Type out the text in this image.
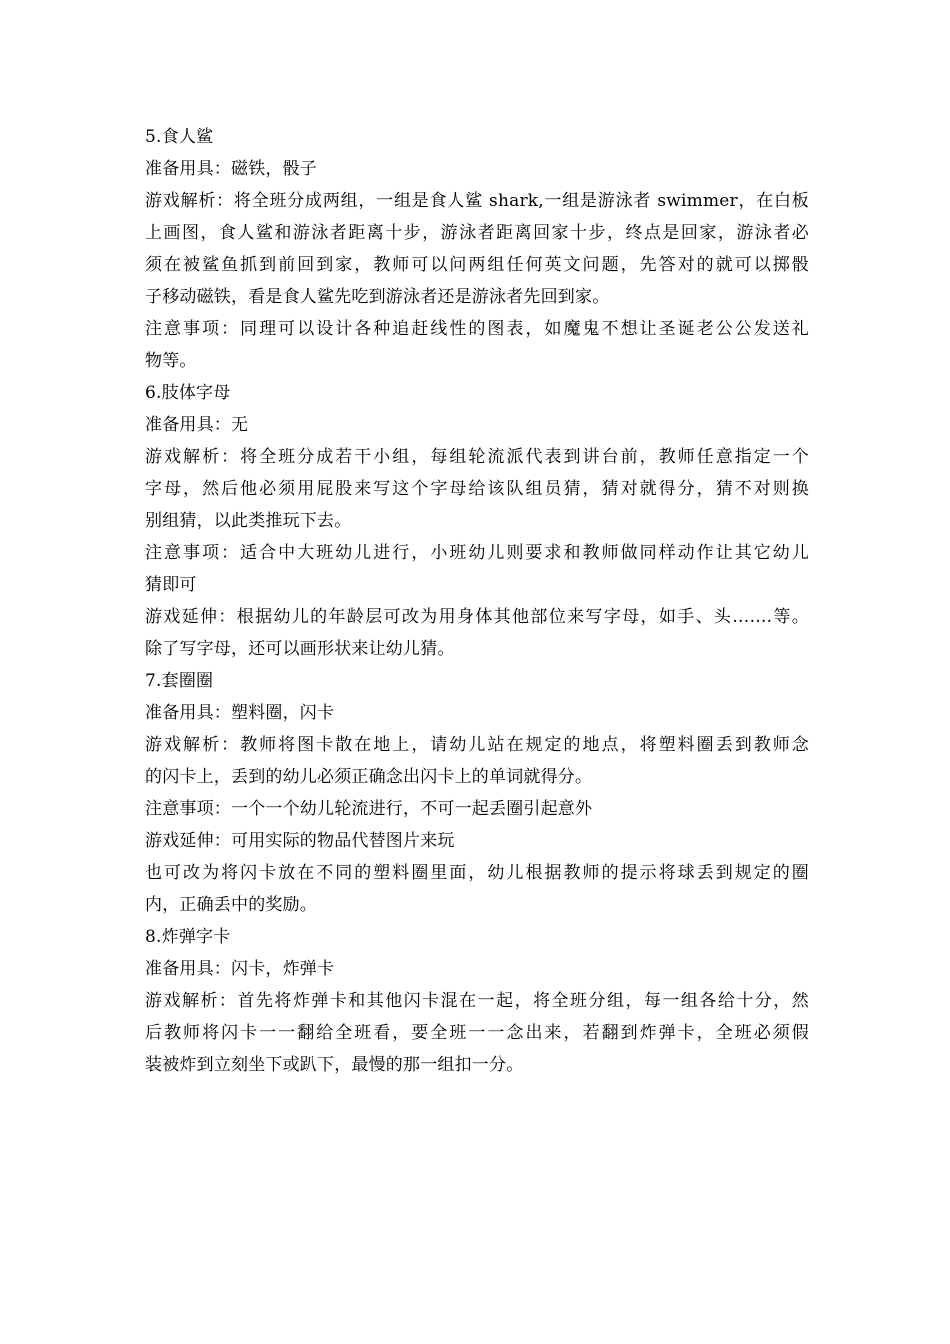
5.食人鲨
准备用具：磁铁，骰子
游戏解析：将全班分成两组，一组是食人鲨 shark,一组是游泳者 swimmer，在白板
上画图，食人鲨和游泳者距离十步，游泳者距离回家十步，终点是回家，游泳者必
须在被鲨鱼抓到前回到家，教师可以问两组任何英文问题，先答对的就可以掷骰
子移动磁铁，看是食人鲨先吃到游泳者还是游泳者先回到家。
注意事项：同理可以设计各种追赶线性的图表，如魔鬼不想让圣诞老公公发送礼
物等。
6.肢体字母
准备用具：无
游戏解析：将全班分成若干小组，每组轮流派代表到讲台前，教师任意指定一个
字母，然后他必须用屁股来写这个字母给该队组员猜，猜对就得分，猜不对则换
别组猜，以此类推玩下去。
注意事项：适合中大班幼儿进行，小班幼儿则要求和教师做同样动作让其它幼儿
猜即可
游戏延伸：根据幼儿的年龄层可改为用身体其他部位来写字母，如手、头…….等。
除了写字母，还可以画形状来让幼儿猜。
7.套圈圈
准备用具：塑料圈，闪卡
游戏解析：教师将图卡散在地上，请幼儿站在规定的地点，将塑料圈丢到教师念
的闪卡上，丢到的幼儿必须正确念出闪卡上的单词就得分。
注意事项：一个一个幼儿轮流进行，不可一起丢圈引起意外
游戏延伸：可用实际的物品代替图片来玩
也可改为将闪卡放在不同的塑料圈里面，幼儿根据教师的提示将球丢到规定的圈
内，正确丢中的奖励。
8.炸弹字卡
准备用具：闪卡，炸弹卡
游戏解析：首先将炸弹卡和其他闪卡混在一起，将全班分组，每一组各给十分，然
后教师将闪卡一一翻给全班看，要全班一一念出来，若翻到炸弹卡，全班必须假
装被炸到立刻坐下或趴下，最慢的那一组扣一分。
